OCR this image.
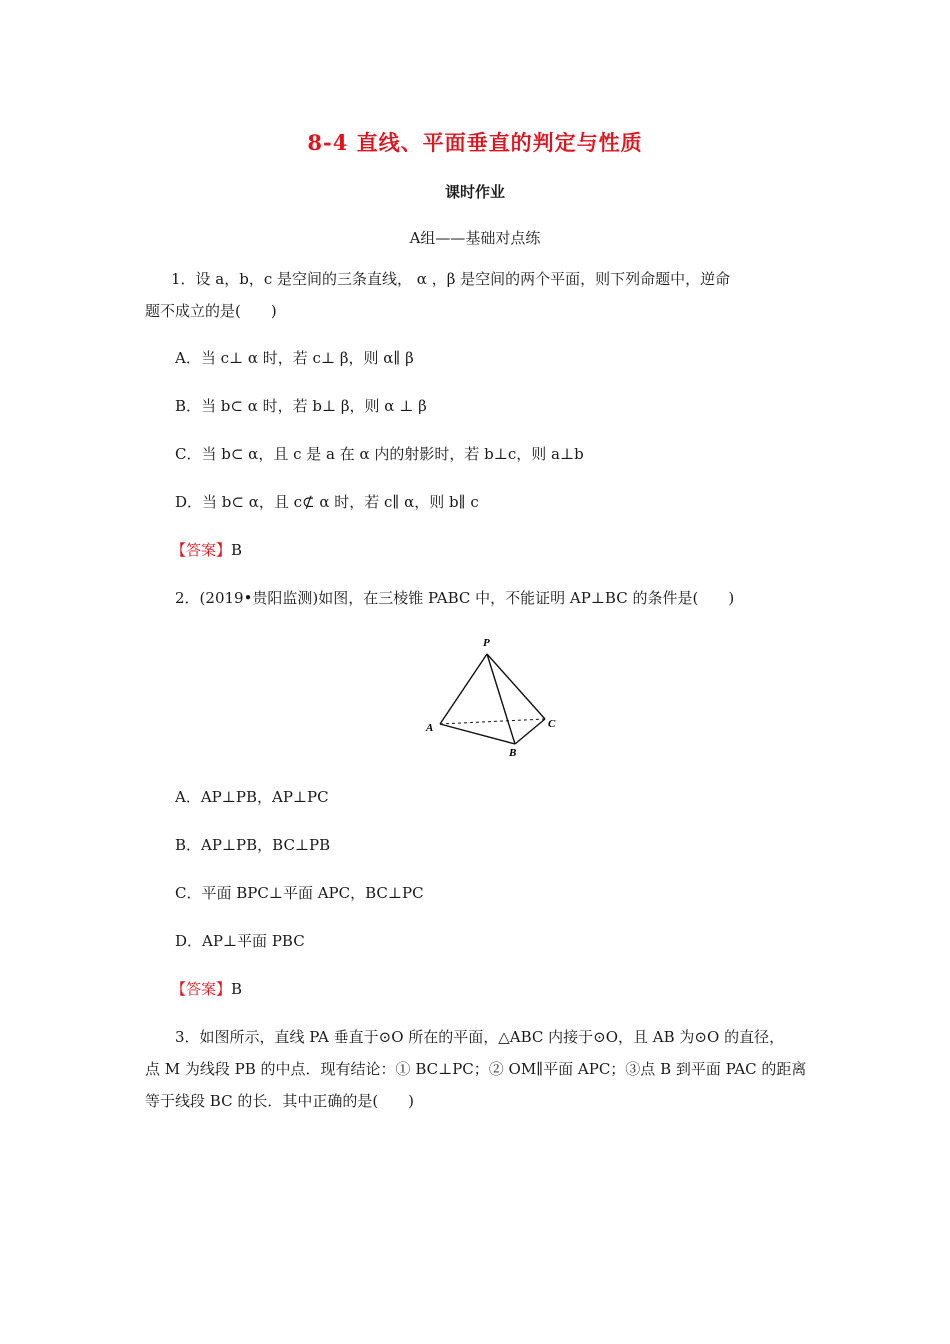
8-4 直线、平面垂直的判定与性质
课时作业
A组——基础对点练
1．设 a，b，c 是空间的三条直线， α ，β 是空间的两个平面，则下列命题中，逆命
题不成立的是(　　)
A．当 c⊥ α 时，若 c⊥ β，则 α∥ β
B．当 b⊂ α 时，若 b⊥ β，则 α ⊥ β
C．当 b⊂ α，且 c 是 a 在 α 内的射影时，若 b⊥c，则 a⊥b
D．当 b⊂ α，且 c⊄ α 时，若 c∥ α，则 b∥ c
【答案】B
2．(2019•贵阳监测)如图，在三棱锥 PABC 中，不能证明 AP⊥BC 的条件是(　　)
P
A
B
C
A．AP⊥PB，AP⊥PC
B．AP⊥PB，BC⊥PB
C．平面 BPC⊥平面 APC，BC⊥PC
D．AP⊥平面 PBC
【答案】B
3．如图所示，直线 PA 垂直于⊙O 所在的平面，△ABC 内接于⊙O，且 AB 为⊙O 的直径，
点 M 为线段 PB 的中点．现有结论：① BC⊥PC；② OM∥平面 APC；③点 B 到平面 PAC 的距离
等于线段 BC 的长．其中正确的是(　　)
